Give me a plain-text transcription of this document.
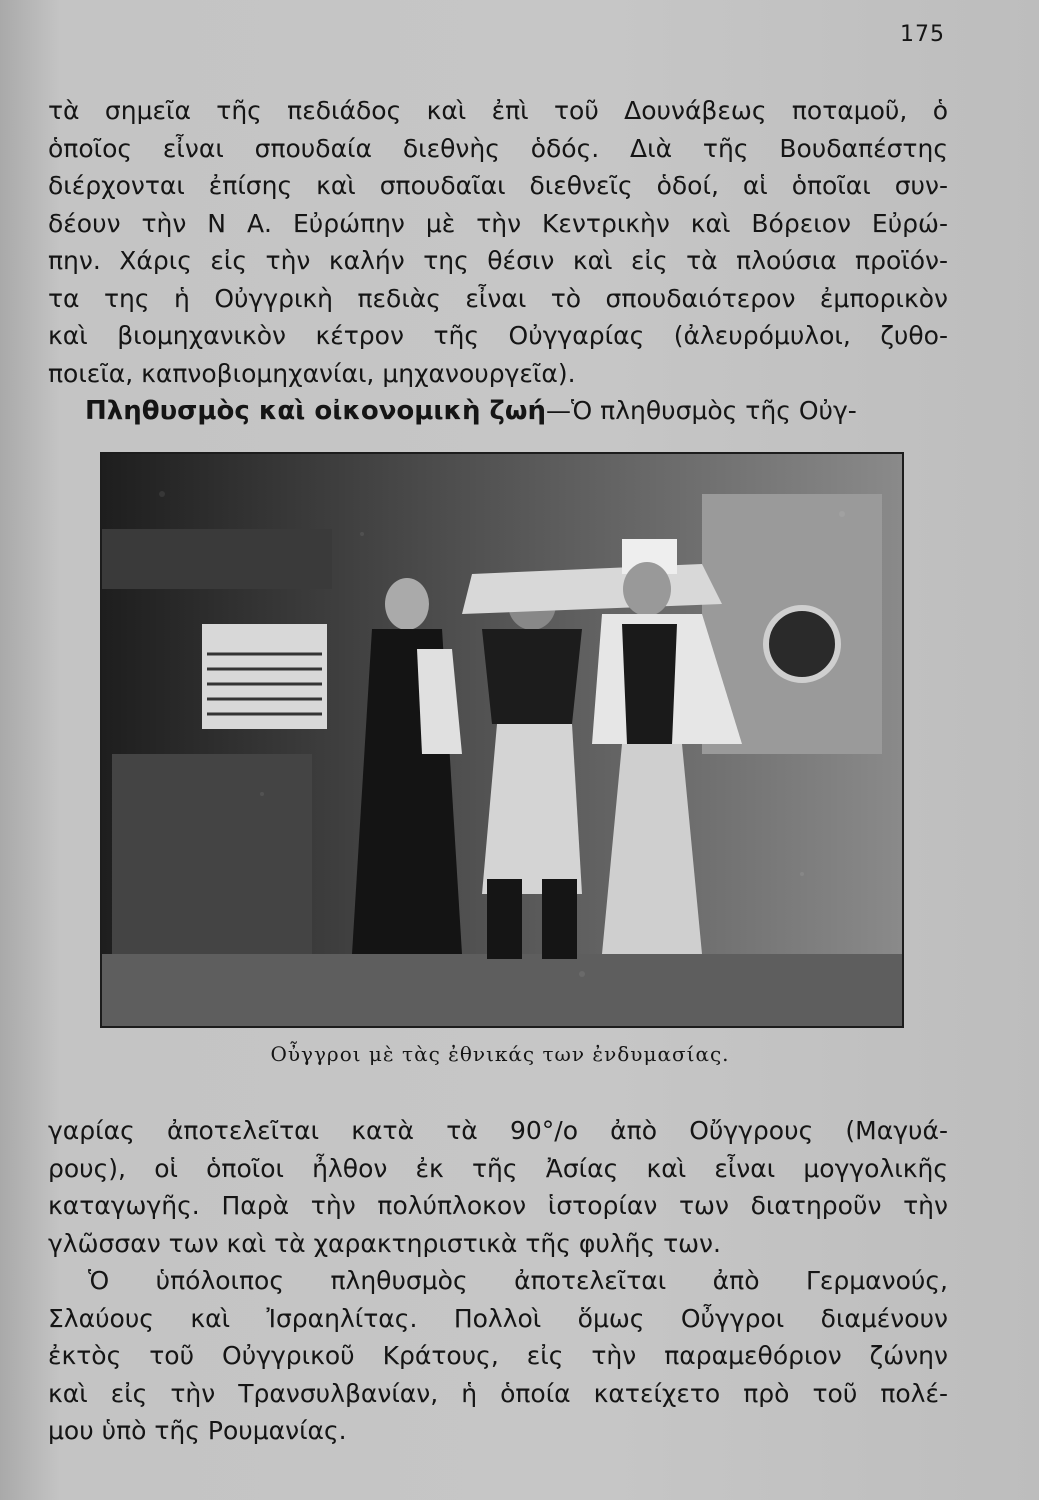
175
τὰ σημεῖα τῆς πεδιάδος καὶ ἐπὶ τοῦ Δουνάβεως ποταμοῦ, ὁ
ὁποῖος εἶναι σπουδαία διεθνὴς ὁδός. Διὰ τῆς Βουδαπέστης
διέρχονται ἐπίσης καὶ σπουδαῖαι διεθνεῖς ὁδοί, αἱ ὁποῖαι συν-
δέουν τὴν Ν Α. Εὐρώπην μὲ τὴν Κεντρικὴν καὶ Βόρειον Εὐρώ-
πην. Χάρις εἰς τὴν καλήν της θέσιν καὶ εἰς τὰ πλούσια προϊόν-
τα της ἡ Οὐγγρικὴ πεδιὰς εἶναι τὸ σπουδαιότερον ἐμπορικὸν
καὶ βιομηχανικὸν κέτρον τῆς Οὐγγαρίας (ἀλευρόμυλοι, ζυθο-
ποιεῖα, καπνοβιομηχανίαι, μηχανουργεῖα).
Πληθυσμὸς καὶ οἰκονομικὴ ζωή—Ὁ πληθυσμὸς τῆς Οὐγ-
Οὖγγροι μὲ τὰς ἐθνικάς των ἐνδυμασίας.
γαρίας ἀποτελεῖται κατὰ τὰ 90°/ο ἀπὸ Οὔγγρους (Μαγυά-
ρους), οἱ ὁποῖοι ἦλθον ἐκ τῆς Ἀσίας καὶ εἶναι μογγολικῆς
καταγωγῆς. Παρὰ τὴν πολύπλοκον ἱστορίαν των διατηροῦν τὴν
γλῶσσαν των καὶ τὰ χαρακτηριστικὰ τῆς φυλῆς των.
Ὁ ὑπόλοιπος πληθυσμὸς ἀποτελεῖται ἀπὸ Γερμανούς,
Σλαύους καὶ Ἰσραηλίτας. Πολλοὶ ὅμως Οὖγγροι διαμένουν
ἐκτὸς τοῦ Οὐγγρικοῦ Κράτους, εἰς τὴν παραμεθόριον ζώνην
καὶ εἰς τὴν Τρανσυλβανίαν, ἡ ὁποία κατείχετο πρὸ τοῦ πολέ-
μου ὑπὸ τῆς Ρουμανίας.
